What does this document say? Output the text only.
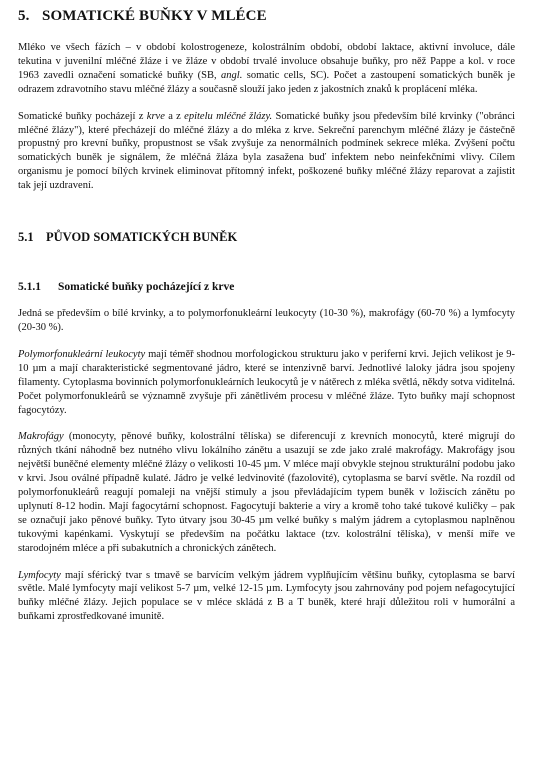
5. SOMATICKÉ BUŇKY V MLÉCE

Mléko ve všech fázích – v období kolostrogeneze, kolostrálním období, období laktace, aktivní involuce, dále tekutina v juvenilní mléčné žláze i ve žláze v období trvalé involuce obsahuje buňky, pro něž Pappe a kol. v roce 1963 zavedli označení somatické buňky (SB, angl. somatic cells, SC). Počet a zastoupení somatických buněk je odrazem zdravotního stavu mléčné žlázy a současně slouží jako jeden z jakostních znaků k proplácení mléka.

Somatické buňky pocházejí z krve a z epitelu mléčné žlázy. Somatické buňky jsou především bílé krvinky ("obránci mléčné žlázy"), které přecházejí do mléčné žlázy a do mléka z krve. Sekreční parenchym mléčné žlázy je částečně propustný pro krevní buňky, propustnost se však zvyšuje za nenormálních podmínek sekrece mléka. Zvýšení počtu somatických buněk je signálem, že mléčná žláza byla zasažena buď infektem nebo neinfekčními vlivy. Cílem organismu je pomocí bílých krvinek eliminovat přítomný infekt, poškozené buňky mléčné žlázy reparovat a zajistit tak její uzdravení.

5.1 PŮVOD SOMATICKÝCH BUNĚK
5.1.1 Somatické buňky pocházející z krve

Jedná se především o bílé krvinky, a to polymorfonukleární leukocyty (10-30 %), makrofágy (60-70 %) a lymfocyty (20-30 %).

Polymorfonukleární leukocyty mají téměř shodnou morfologickou strukturu jako v periferní krvi. Jejich velikost je 9-10 µm a mají charakteristické segmentované jádro, které se intenzivně barví. Jednotlivé laloky jádra jsou spojeny filamenty. Cytoplasma bovinních polymorfonukleárních leukocytů je v nátěrech z mléka světlá, někdy sotva viditelná. Počet polymorfonukleárů se významně zvyšuje při zánětlivém procesu v mléčné žláze. Tyto buňky mají schopnost fagocytózy.

Makrofágy (monocyty, pěnové buňky, kolostrální tělíska) se diferencují z krevních monocytů, které migrují do různých tkání náhodně bez nutného vlivu lokálního zánětu a usazují se zde jako zralé makrofágy. Makrofágy jsou největší buněčné elementy mléčné žlázy o velikosti 10-45 µm. V mléce mají obvykle stejnou strukturální podobu jako v krvi. Jsou oválné případně kulaté. Jádro je velké ledvinovité (fazolovité), cytoplasma se barví světle. Na rozdíl od polymorfonukleárů reagují pomaleji na vnější stimuly a jsou převládajícím typem buněk v ložiscích zánětu po uplynutí 8-12 hodin. Mají fagocytární schopnost. Fagocytují bakterie a viry a kromě toho také tukové kuličky – pak se označují jako pěnové buňky. Tyto útvary jsou 30-45 µm velké buňky s malým jádrem a cytoplasmou naplněnou tukovými kapénkami. Vyskytují se především na počátku laktace (tzv. kolostrální tělíska), v menší míře ve starodojném mléce a při subakutních a chronických zánětech.

Lymfocyty mají sférický tvar s tmavě se barvícím velkým jádrem vyplňujícím většinu buňky, cytoplasma se barví světle. Malé lymfocyty mají velikost 5-7 µm, velké 12-15 µm. Lymfocyty jsou zahrnovány pod pojem nefagocytující buňky mléčné žlázy. Jejich populace se v mléce skládá z B a T buněk, které hrají důležitou roli v humorální a buňkami zprostředkované imunitě.
